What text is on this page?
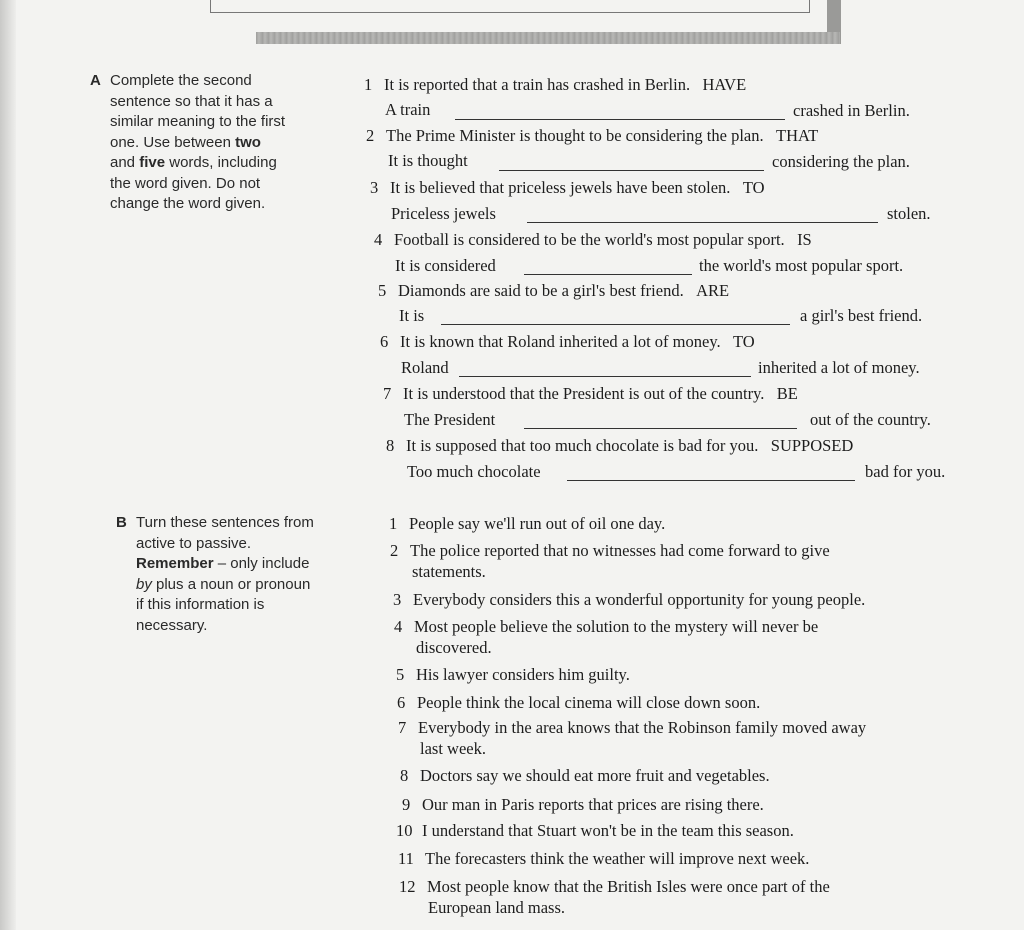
A Complete the second
sentence so that it has a
similar meaning to the first
one. Use between two
and five words, including
the word given. Do not
change the word given.
1 It is reported that a train has crashed in Berlin. HAVE
A train	crashed in Berlin.
2 The Prime Minister is thought to be considering the plan. THAT
It is thought	considering the plan.
3 It is believed that priceless jewels have been stolen. TO
Priceless jewels	stolen.
4 Football is considered to be the world's most popular sport. IS
It is considered	the world's most popular sport.
5 Diamonds are said to be a girl's best friend. ARE
It is	a girl's best friend.
6 It is known that Roland inherited a lot of money. TO
Roland	inherited a lot of money.
7 It is understood that the President is out of the country. BE
The President	out of the country.
8 It is supposed that too much chocolate is bad for you. SUPPOSED
Too much chocolate	bad for you.
B Turn these sentences from
active to passive.
Remember – only include
by plus a noun or pronoun
if this information is
necessary.
1 People say we'll run out of oil one day.
2 The police reported that no witnesses had come forward to give
statements.
3 Everybody considers this a wonderful opportunity for young people.
4 Most people believe the solution to the mystery will never be
discovered.
5 His lawyer considers him guilty.
6 People think the local cinema will close down soon.
7 Everybody in the area knows that the Robinson family moved away
last week.
8 Doctors say we should eat more fruit and vegetables.
9 Our man in Paris reports that prices are rising there.
10 I understand that Stuart won't be in the team this season.
11 The forecasters think the weather will improve next week.
12 Most people know that the British Isles were once part of the
European land mass.
